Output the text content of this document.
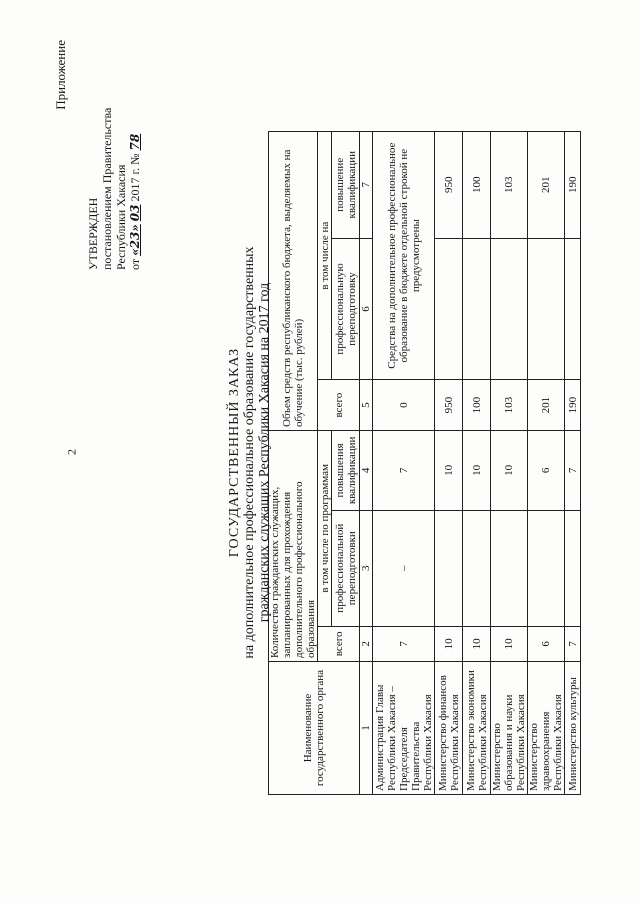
2
Приложение
УТВЕРЖДЕН постановлением Правительства Республики Хакасия от «23» 03 2017 г. № 78
ГОСУДАРСТВЕННЫЙ ЗАКАЗ на дополнительное профессиональное образование государственных гражданских служащих Республики Хакасия на 2017 год
Наименование государственного органа	Количество гражданских служащих, запланированных для прохождения дополнительного профессионального образования			Объем средств республиканского бюджета, выделяемых на обучение (тыс. рублей)		
	всего	в том числе по программам		всего	в том числе на	
		профессиональной переподготовки	повышения квалификации		профессиональную переподготовку	повышение квалификации
1	2	3	4	5	6	7
Администрация Главы Республики Хакасия – Председателя Правительства Республики Хакасия	7	–	7	0	Средства на дополнительное профессиональное образование в бюджете отдельной строкой не предусмотрены	
Министерство финансов Республики Хакасия	10		10	950		950
Министерство экономики Республики Хакасия	10		10	100		100
Министерство образования и науки Республики Хакасия	10		10	103		103
Министерство здравоохранения Республики Хакасия	6		6	201		201
Министерство культуры	7		7	190		190
